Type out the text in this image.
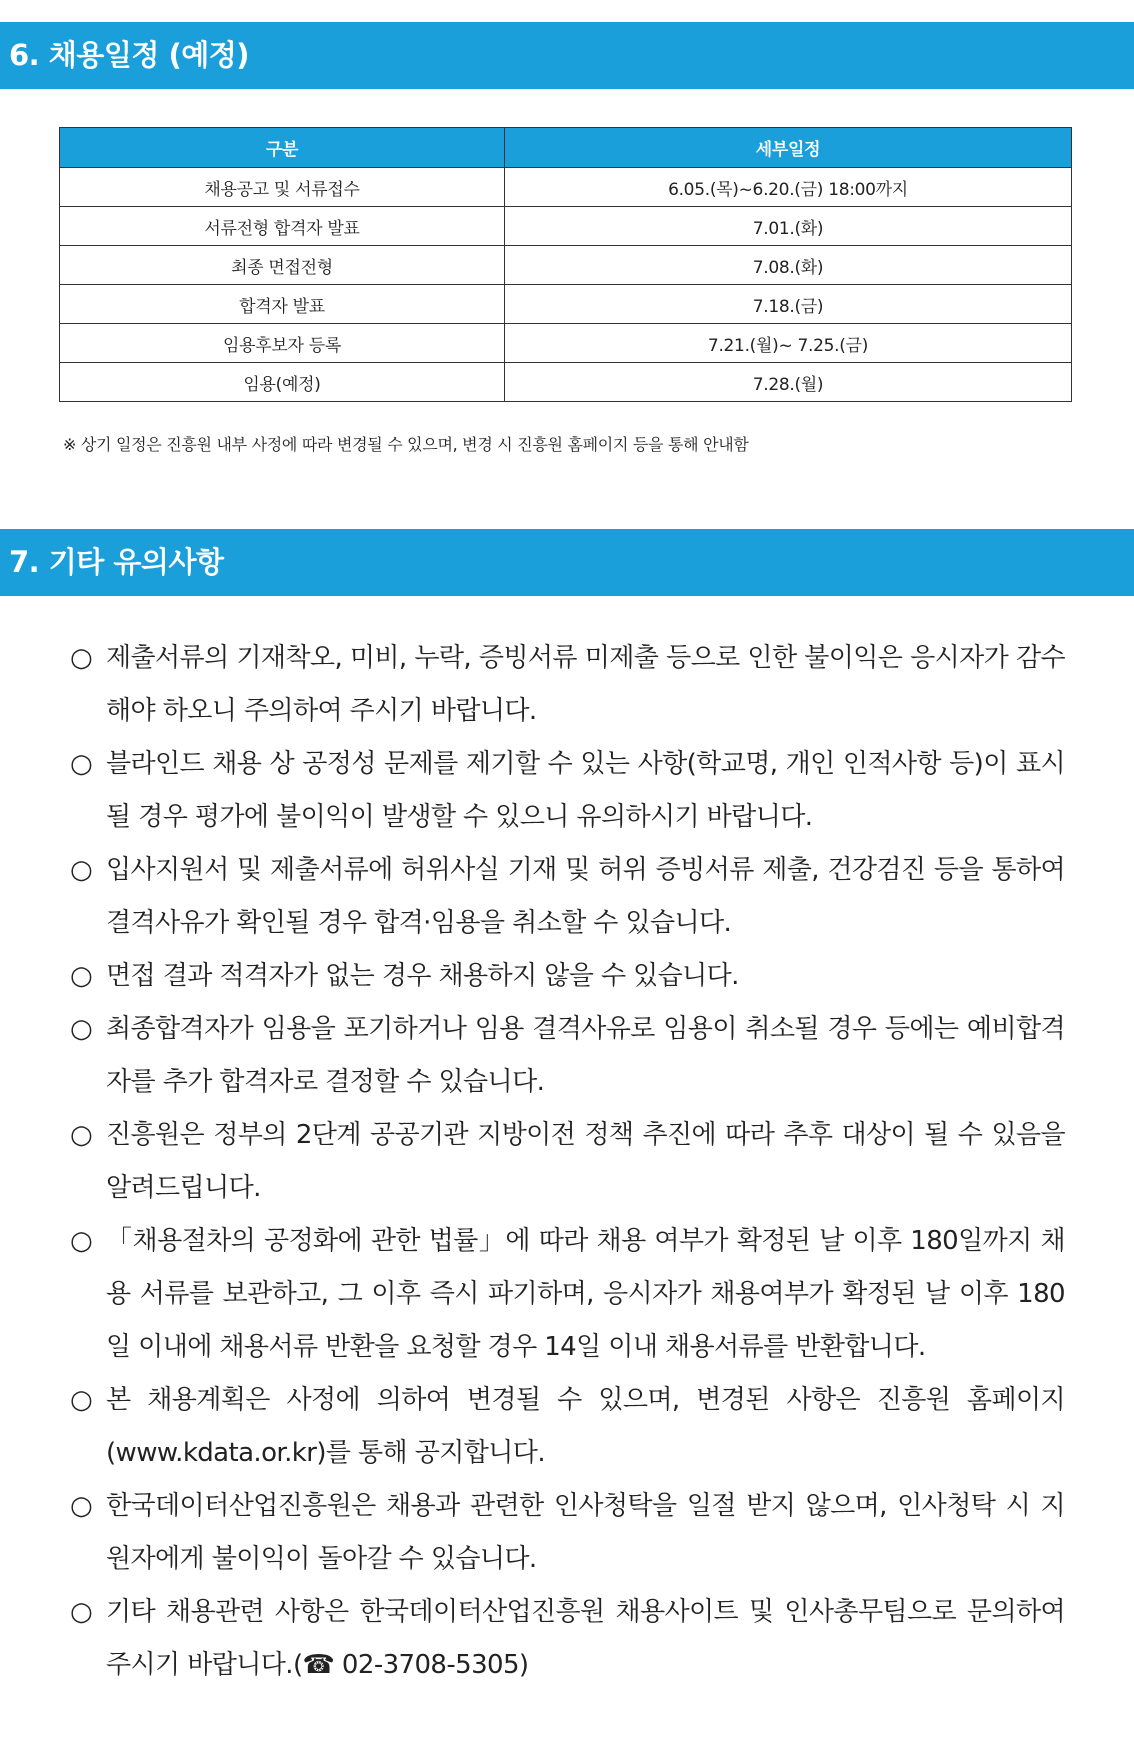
6. 채용일정 (예정)
구분	세부일정
채용공고 및 서류접수	6.05.(목)~6.20.(금) 18:00까지
서류전형 합격자 발표	7.01.(화)
최종 면접전형	7.08.(화)
합격자 발표	7.18.(금)
임용후보자 등록	7.21.(월)~ 7.25.(금)
임용(예정)	7.28.(월)
※ 상기 일정은 진흥원 내부 사정에 따라 변경될 수 있으며, 변경 시 진흥원 홈페이지 등을 통해 안내함
7. 기타 유의사항
○ 제출서류의 기재착오, 미비, 누락, 증빙서류 미제출 등으로 인한 불이익은 응시자가 감수해야 하오니 주의하여 주시기 바랍니다.
○ 블라인드 채용 상 공정성 문제를 제기할 수 있는 사항(학교명, 개인 인적사항 등)이 표시될 경우 평가에 불이익이 발생할 수 있으니 유의하시기 바랍니다.
○ 입사지원서 및 제출서류에 허위사실 기재 및 허위 증빙서류 제출, 건강검진 등을 통하여 결격사유가 확인될 경우 합격·임용을 취소할 수 있습니다.
○ 면접 결과 적격자가 없는 경우 채용하지 않을 수 있습니다.
○ 최종합격자가 임용을 포기하거나 임용 결격사유로 임용이 취소될 경우 등에는 예비합격자를 추가 합격자로 결정할 수 있습니다.
○ 진흥원은 정부의 2단계 공공기관 지방이전 정책 추진에 따라 추후 대상이 될 수 있음을 알려드립니다.
○ 「채용절차의 공정화에 관한 법률」에 따라 채용 여부가 확정된 날 이후 180일까지 채용 서류를 보관하고, 그 이후 즉시 파기하며, 응시자가 채용여부가 확정된 날 이후 180일 이내에 채용서류 반환을 요청할 경우 14일 이내 채용서류를 반환합니다.
○ 본 채용계획은 사정에 의하여 변경될 수 있으며, 변경된 사항은 진흥원 홈페이지(www.kdata.or.kr)를 통해 공지합니다.
○ 한국데이터산업진흥원은 채용과 관련한 인사청탁을 일절 받지 않으며, 인사청탁 시 지원자에게 불이익이 돌아갈 수 있습니다.
○ 기타 채용관련 사항은 한국데이터산업진흥원 채용사이트 및 인사총무팀으로 문의하여 주시기 바랍니다.(☎ 02-3708-5305)
